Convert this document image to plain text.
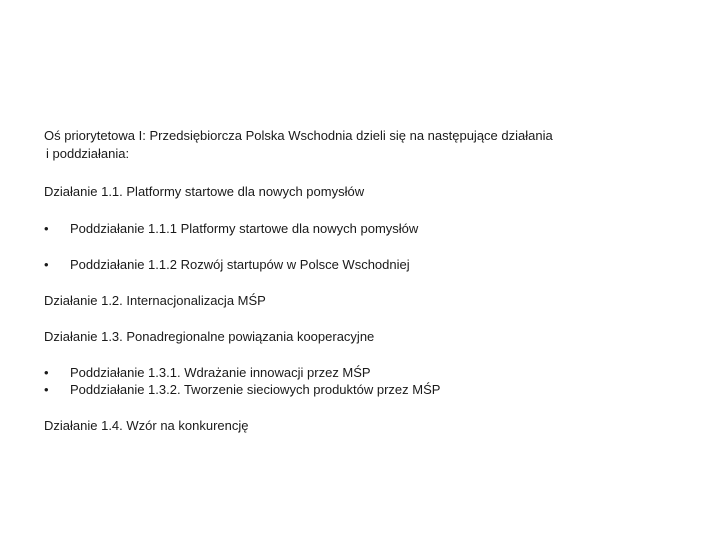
Oś priorytetowa I: Przedsiębiorcza Polska Wschodnia dzieli się na następujące działania
i poddziałania:
Działanie 1.1. Platformy startowe dla nowych pomysłów
• Poddziałanie 1.1.1 Platformy startowe dla nowych pomysłów
• Poddziałanie 1.1.2 Rozwój startupów w Polsce Wschodniej
Działanie 1.2. Internacjonalizacja MŚP
Działanie 1.3. Ponadregionalne powiązania kooperacyjne
• Poddziałanie 1.3.1. Wdrażanie innowacji przez MŚP
• Poddziałanie 1.3.2. Tworzenie sieciowych produktów przez MŚP
Działanie 1.4. Wzór na konkurencję
